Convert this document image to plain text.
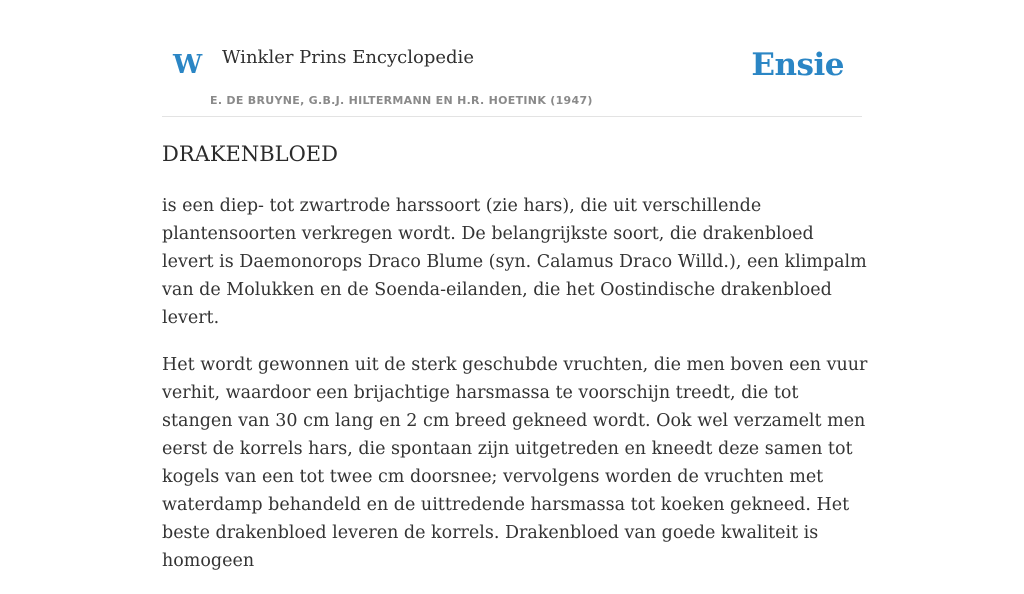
W Winkler Prins Encyclopedie
E. DE BRUYNE, G.B.J. HILTERMANN EN H.R. HOETINK (1947)
Ensie
DRAKENBLOED

is een diep- tot zwartrode harssoort (zie hars), die uit verschillende plantensoorten verkregen wordt. De belangrijkste soort, die drakenbloed levert is Daemonorops Draco Blume (syn. Calamus Draco Willd.), een klimpalm van de Molukken en de Soenda-eilanden, die het Oostindische drakenbloed levert.

Het wordt gewonnen uit de sterk geschubde vruchten, die men boven een vuur verhit, waardoor een brijachtige harsmassa te voorschijn treedt, die tot stangen van 30 cm lang en 2 cm breed gekneed wordt. Ook wel verzamelt men eerst de korrels hars, die spontaan zijn uitgetreden en kneedt deze samen tot kogels van een tot twee cm doorsnee; vervolgens worden de vruchten met waterdamp behandeld en de uittredende harsmassa tot koeken gekneed. Het beste drakenbloed leveren de korrels. Drakenbloed van goede kwaliteit is homogeen
